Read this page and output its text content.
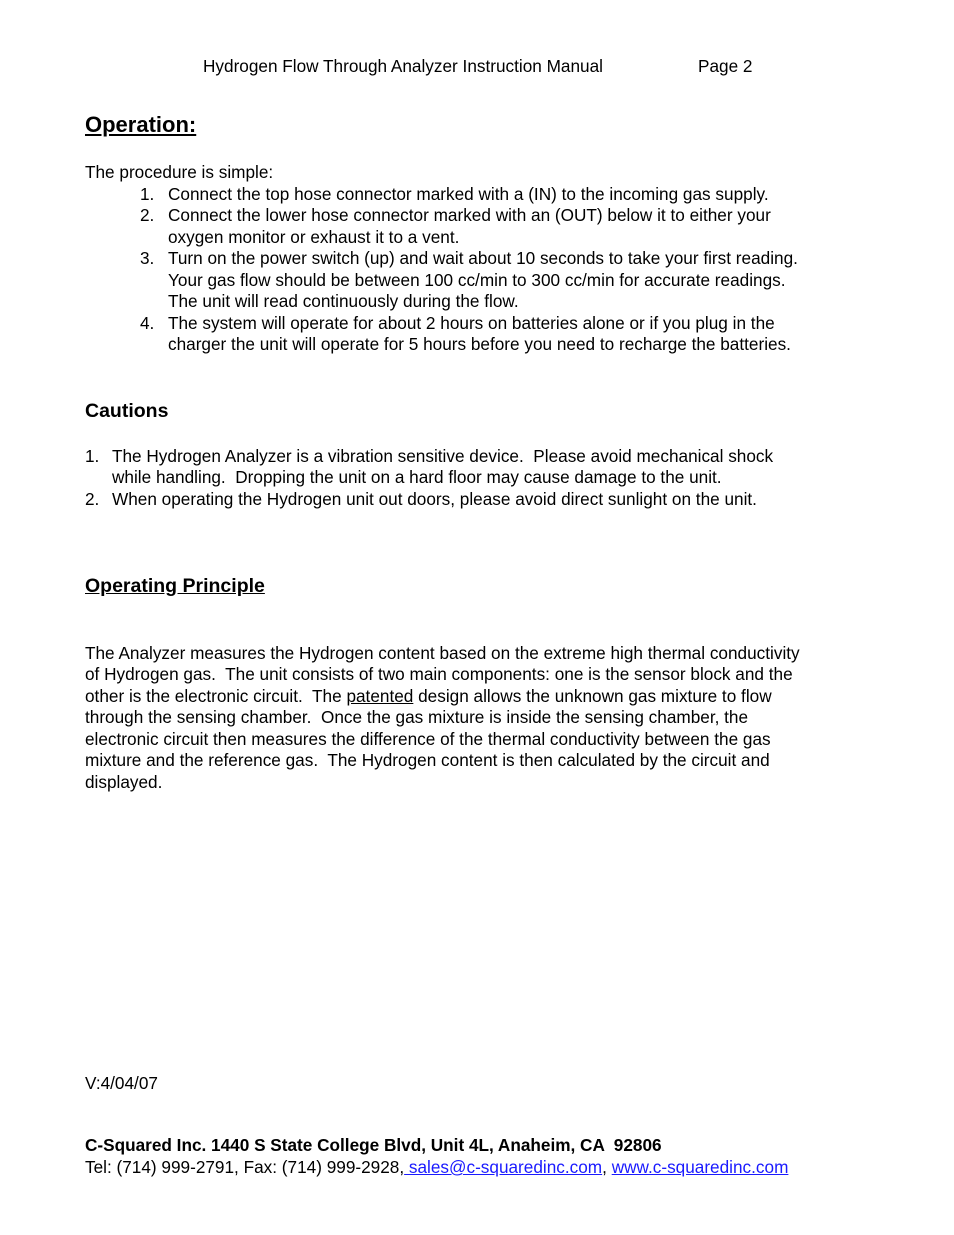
Hydrogen Flow Through Analyzer Instruction Manual	Page 2
Operation:
The procedure is simple:
1. Connect the top hose connector marked with a (IN) to the incoming gas supply.
2. Connect the lower hose connector marked with an (OUT) below it to either your
oxygen monitor or exhaust it to a vent.
3. Turn on the power switch (up) and wait about 10 seconds to take your first reading.
Your gas flow should be between 100 cc/min to 300 cc/min for accurate readings.
The unit will read continuously during the flow.
4. The system will operate for about 2 hours on batteries alone or if you plug in the
charger the unit will operate for 5 hours before you need to recharge the batteries.
Cautions
1. The Hydrogen Analyzer is a vibration sensitive device.  Please avoid mechanical shock
while handling.  Dropping the unit on a hard floor may cause damage to the unit.
2. When operating the Hydrogen unit out doors, please avoid direct sunlight on the unit.
Operating Principle
The Analyzer measures the Hydrogen content based on the extreme high thermal conductivity
of Hydrogen gas.  The unit consists of two main components: one is the sensor block and the
other is the electronic circuit.  The patented design allows the unknown gas mixture to flow
through the sensing chamber.  Once the gas mixture is inside the sensing chamber, the
electronic circuit then measures the difference of the thermal conductivity between the gas
mixture and the reference gas.  The Hydrogen content is then calculated by the circuit and
displayed.
V:4/04/07
C-Squared Inc. 1440 S State College Blvd, Unit 4L, Anaheim, CA  92806
Tel: (714) 999-2791, Fax: (714) 999-2928, sales@c-squaredinc.com, www.c-squaredinc.com
